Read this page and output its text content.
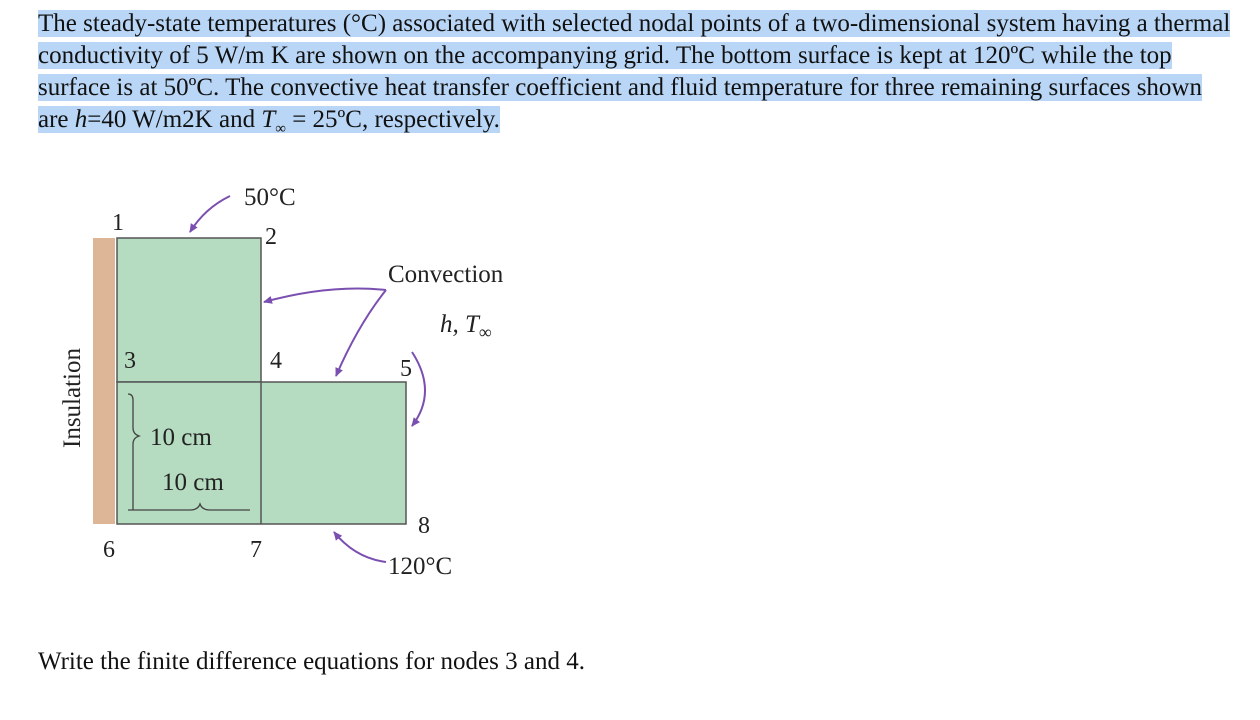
The steady-state temperatures (°C) associated with selected nodal points of a two-dimensional system having a thermal conductivity of 5 W/m K are shown on the accompanying grid. The bottom surface is kept at 120ºC while the top surface is at 50ºC. The convective heat transfer coefficient and fluid temperature for three remaining surfaces shown are h=40 W/m2K and $T_\infty$ = 25ºC, respectively.
50°C
Convection
h, $T_\infty$
120°C
Insulation	10 cm
10 cm
1
2
3	4	5
6	7
8
Write the finite difference equations for nodes 3 and 4.
